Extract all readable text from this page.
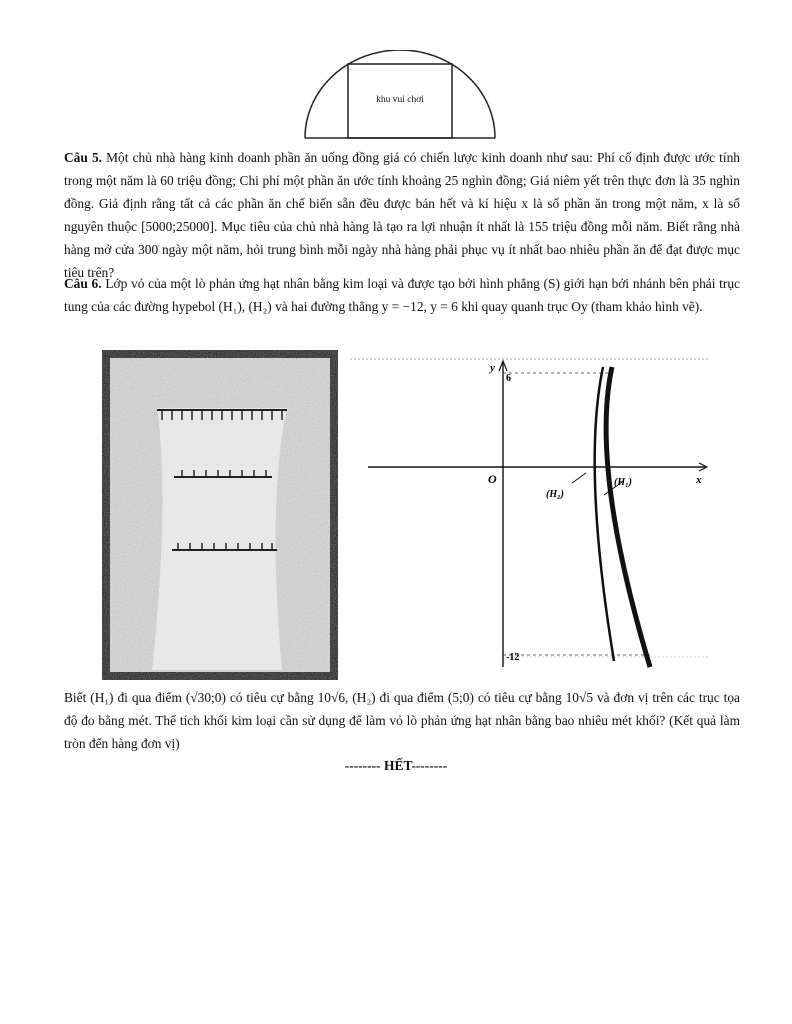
khu vui chơi

Câu 5. Một chủ nhà hàng kinh doanh phần ăn uống đồng giá có chiến lược kinh doanh như sau: Phí cố định được ước tính trong một năm là 60 triệu đồng; Chi phí một phần ăn ước tính khoảng 25 nghìn đồng; Giá niêm yết trên thực đơn là 35 nghìn đồng. Giả định rằng tất cả các phần ăn chế biến sẵn đều được bán hết và kí hiệu x là số phần ăn trong một năm, x là số nguyên thuộc [5000;25000]. Mục tiêu của chủ nhà hàng là tạo ra lợi nhuận ít nhất là 155 triệu đồng mỗi năm. Biết rằng nhà hàng mở cửa 300 ngày một năm, hỏi trung bình mỗi ngày nhà hàng phải phục vụ ít nhất bao nhiêu phần ăn để đạt được mục tiêu trên?

Câu 6. Lớp vỏ của một lò phản ứng hạt nhân bằng kim loại và được tạo bởi hình phẳng (S) giới hạn bởi nhánh bên phải trục tung của các đường hypebol (H₁), (H₂) và hai đường thẳng y = −12, y = 6 khi quay quanh trục Oy (tham khảo hình vẽ).

y
x
O
6
-12
(H₁)
(H₂)

Biết (H₁) đi qua điểm (√30;0) có tiêu cự bằng 10√6, (H₂) đi qua điểm (5;0) có tiêu cự bằng 10√5 và đơn vị trên các trục tọa độ đo bằng mét. Thể tích khối kim loại cần sử dụng để làm vỏ lò phản ứng hạt nhân bằng bao nhiêu mét khối? (Kết quả làm tròn đến hàng đơn vị)

-------- HẾT--------
